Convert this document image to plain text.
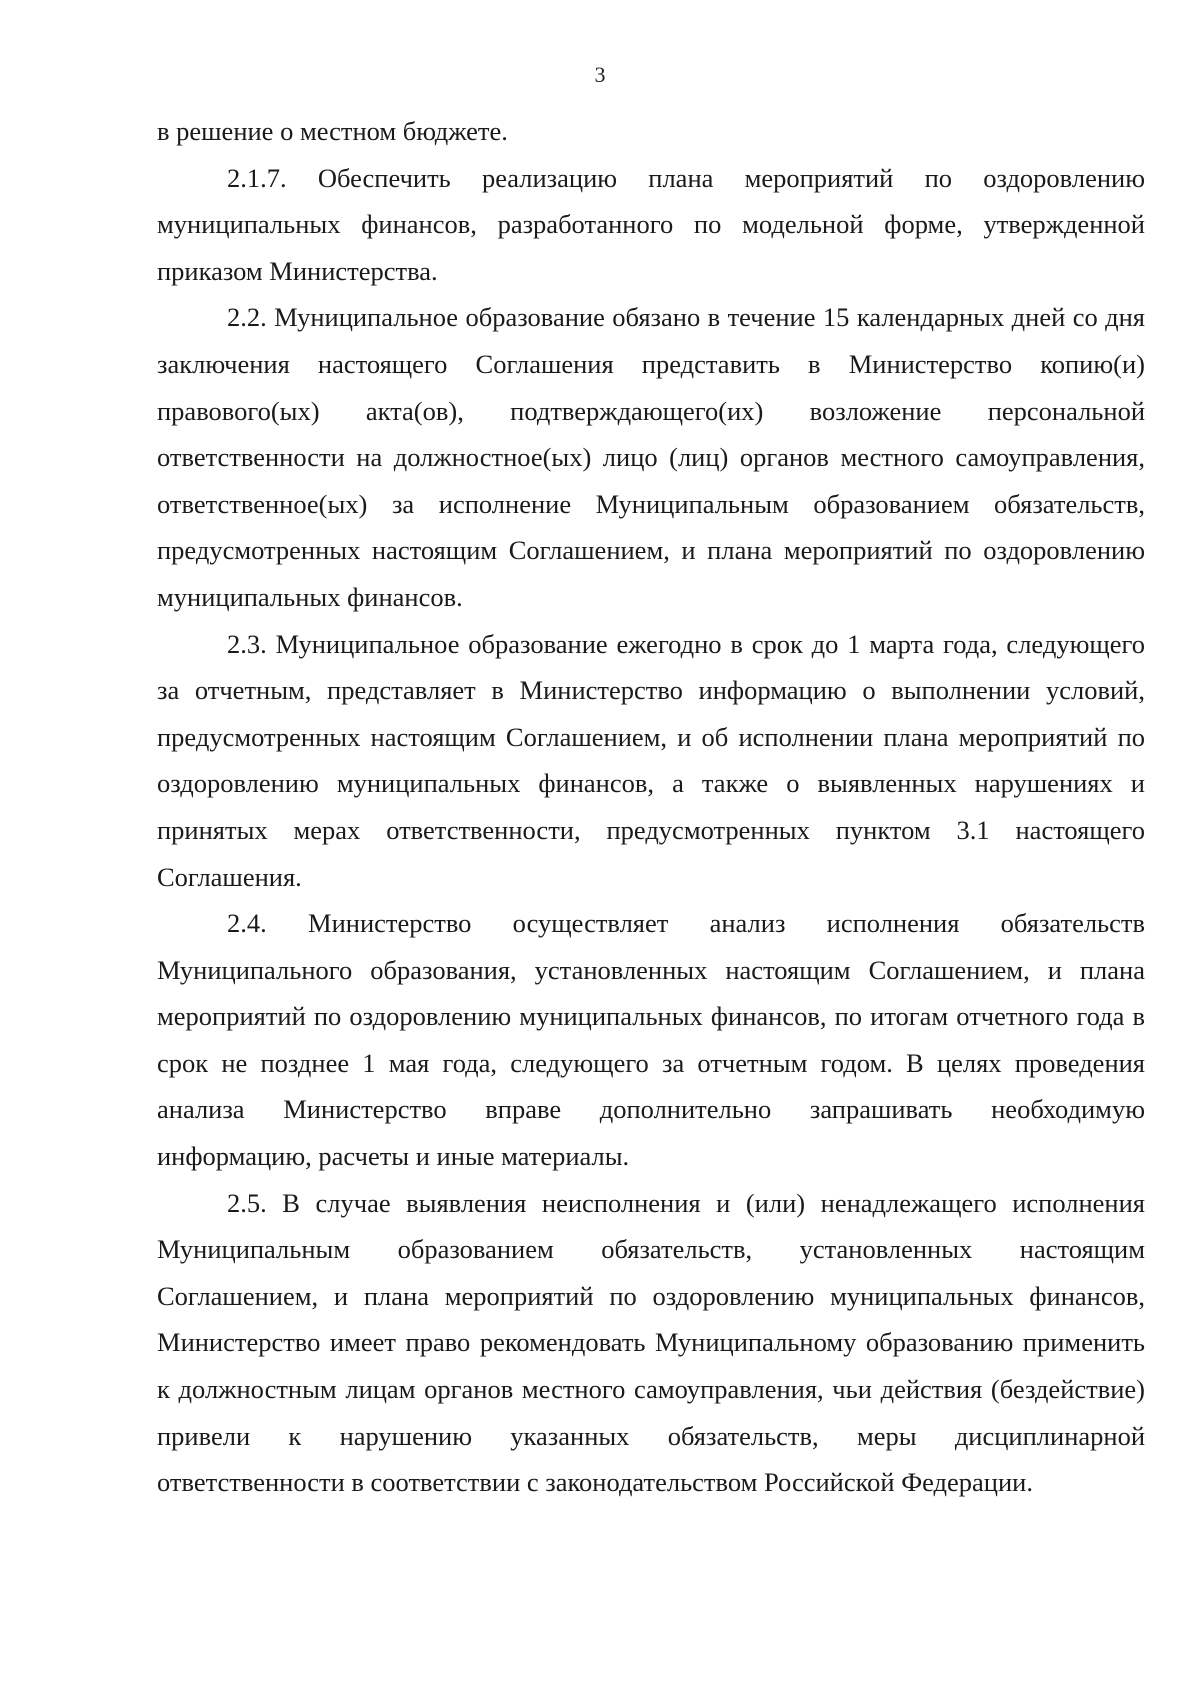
3

в решение о местном бюджете.

2.1.7. Обеспечить реализацию плана мероприятий по оздоровлению муниципальных финансов, разработанного по модельной форме, утвержденной приказом Министерства.

2.2. Муниципальное образование обязано в течение 15 календарных дней со дня заключения настоящего Соглашения представить в Министерство копию(и) правового(ых) акта(ов), подтверждающего(их) возложение персональной ответственности на должностное(ых) лицо (лиц) органов местного самоуправления, ответственное(ых) за исполнение Муниципальным образованием обязательств, предусмотренных настоящим Соглашением, и плана мероприятий по оздоровлению муниципальных финансов.

2.3. Муниципальное образование ежегодно в срок до 1 марта года, следующего за отчетным, представляет в Министерство информацию о выполнении условий, предусмотренных настоящим Соглашением, и об исполнении плана мероприятий по оздоровлению муниципальных финансов, а также о выявленных нарушениях и принятых мерах ответственности, предусмотренных пунктом 3.1 настоящего Соглашения.

2.4. Министерство осуществляет анализ исполнения обязательств Муниципального образования, установленных настоящим Соглашением, и плана мероприятий по оздоровлению муниципальных финансов, по итогам отчетного года в срок не позднее 1 мая года, следующего за отчетным годом. В целях проведения анализа Министерство вправе дополнительно запрашивать необходимую информацию, расчеты и иные материалы.

2.5. В случае выявления неисполнения и (или) ненадлежащего исполнения Муниципальным образованием обязательств, установленных настоящим Соглашением, и плана мероприятий по оздоровлению муниципальных финансов, Министерство имеет право рекомендовать Муниципальному образованию применить к должностным лицам органов местного самоуправления, чьи действия (бездействие) привели к нарушению указанных обязательств, меры дисциплинарной ответственности в соответствии с законодательством Российской Федерации.
